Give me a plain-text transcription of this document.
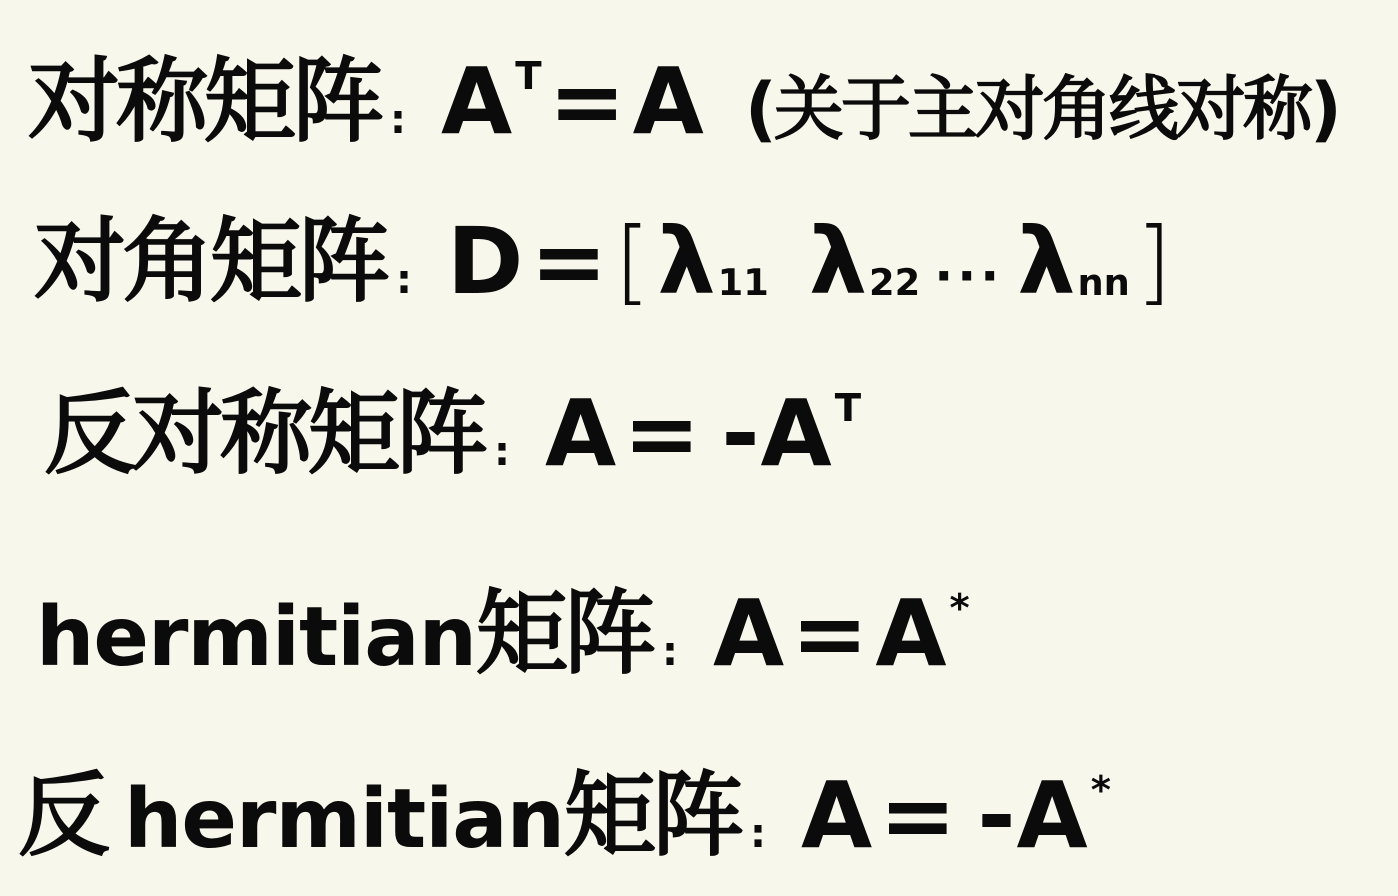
对称矩阵 : $A^T = A$ (关于主对角线对称)
对角矩阵 : D = [ λ11 λ22 ··· λnn ]
反对称矩阵 : $A = -A^T$
hermitian 矩阵 : A = A*
反 hermitian 矩阵 : A = -A*
